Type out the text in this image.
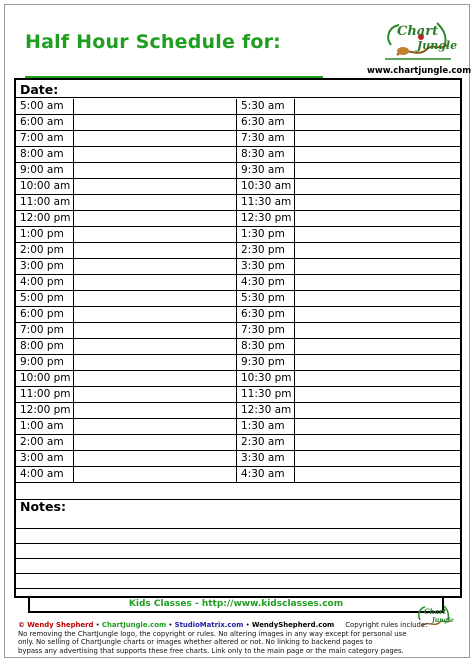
Half Hour Schedule for:	Chart
Jungle
www.chartjungle.com
Date:
5:00 am	5:30 am
6:00 am	6:30 am
7:00 am	7:30 am
8:00 am	8:30 am
9:00 am	9:30 am
10:00 am	10:30 am
11:00 am	11:30 am
12:00 pm	12:30 pm
1:00 pm	1:30 pm
2:00 pm	2:30 pm
3:00 pm	3:30 pm
4:00 pm	4:30 pm
5:00 pm	5:30 pm
6:00 pm	6:30 pm
7:00 pm	7:30 pm
8:00 pm	8:30 pm
9:00 pm	9:30 pm
10:00 pm	10:30 pm
11:00 pm	11:30 pm
12:00 pm	12:30 am
1:00 am	1:30 am
2:00 am	2:30 am
3:00 am	3:30 am
4:00 am	4:30 am
Notes:
Kids Classes - http://www.kidsclasses.com
Chart
Jungle
© Wendy Shepherd • ChartJungle.com • StudioMatrix.com • WendyShepherd.com Copyright rules include:
No removing the ChartJungle logo, the copyright or rules. No altering images in any way except for personal use
only. No selling of ChartJungle charts or images whether altered or not. No linking to backend pages to
bypass any advertising that supports these free charts. Link only to the main page or the main category pages.
